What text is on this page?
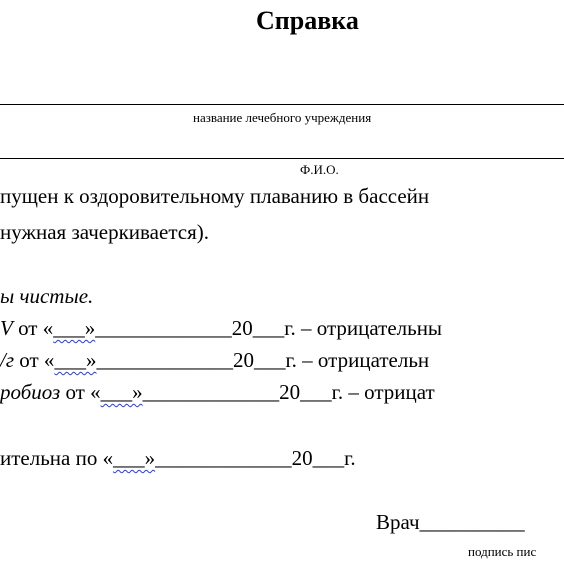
Справка
название лечебного учреждения
Ф.И.О.
пущен к оздоровительному плаванию в бассейн
нужная зачеркивается).
ы чистые.
V от «___»_____________20___г. – отрицательны
/г от «___»_____________20___г. – отрицательн
робиоз от «___»_____________20___г. – отрицат
ительна по «___»_____________20___г.
Врач__________
подпись пис
